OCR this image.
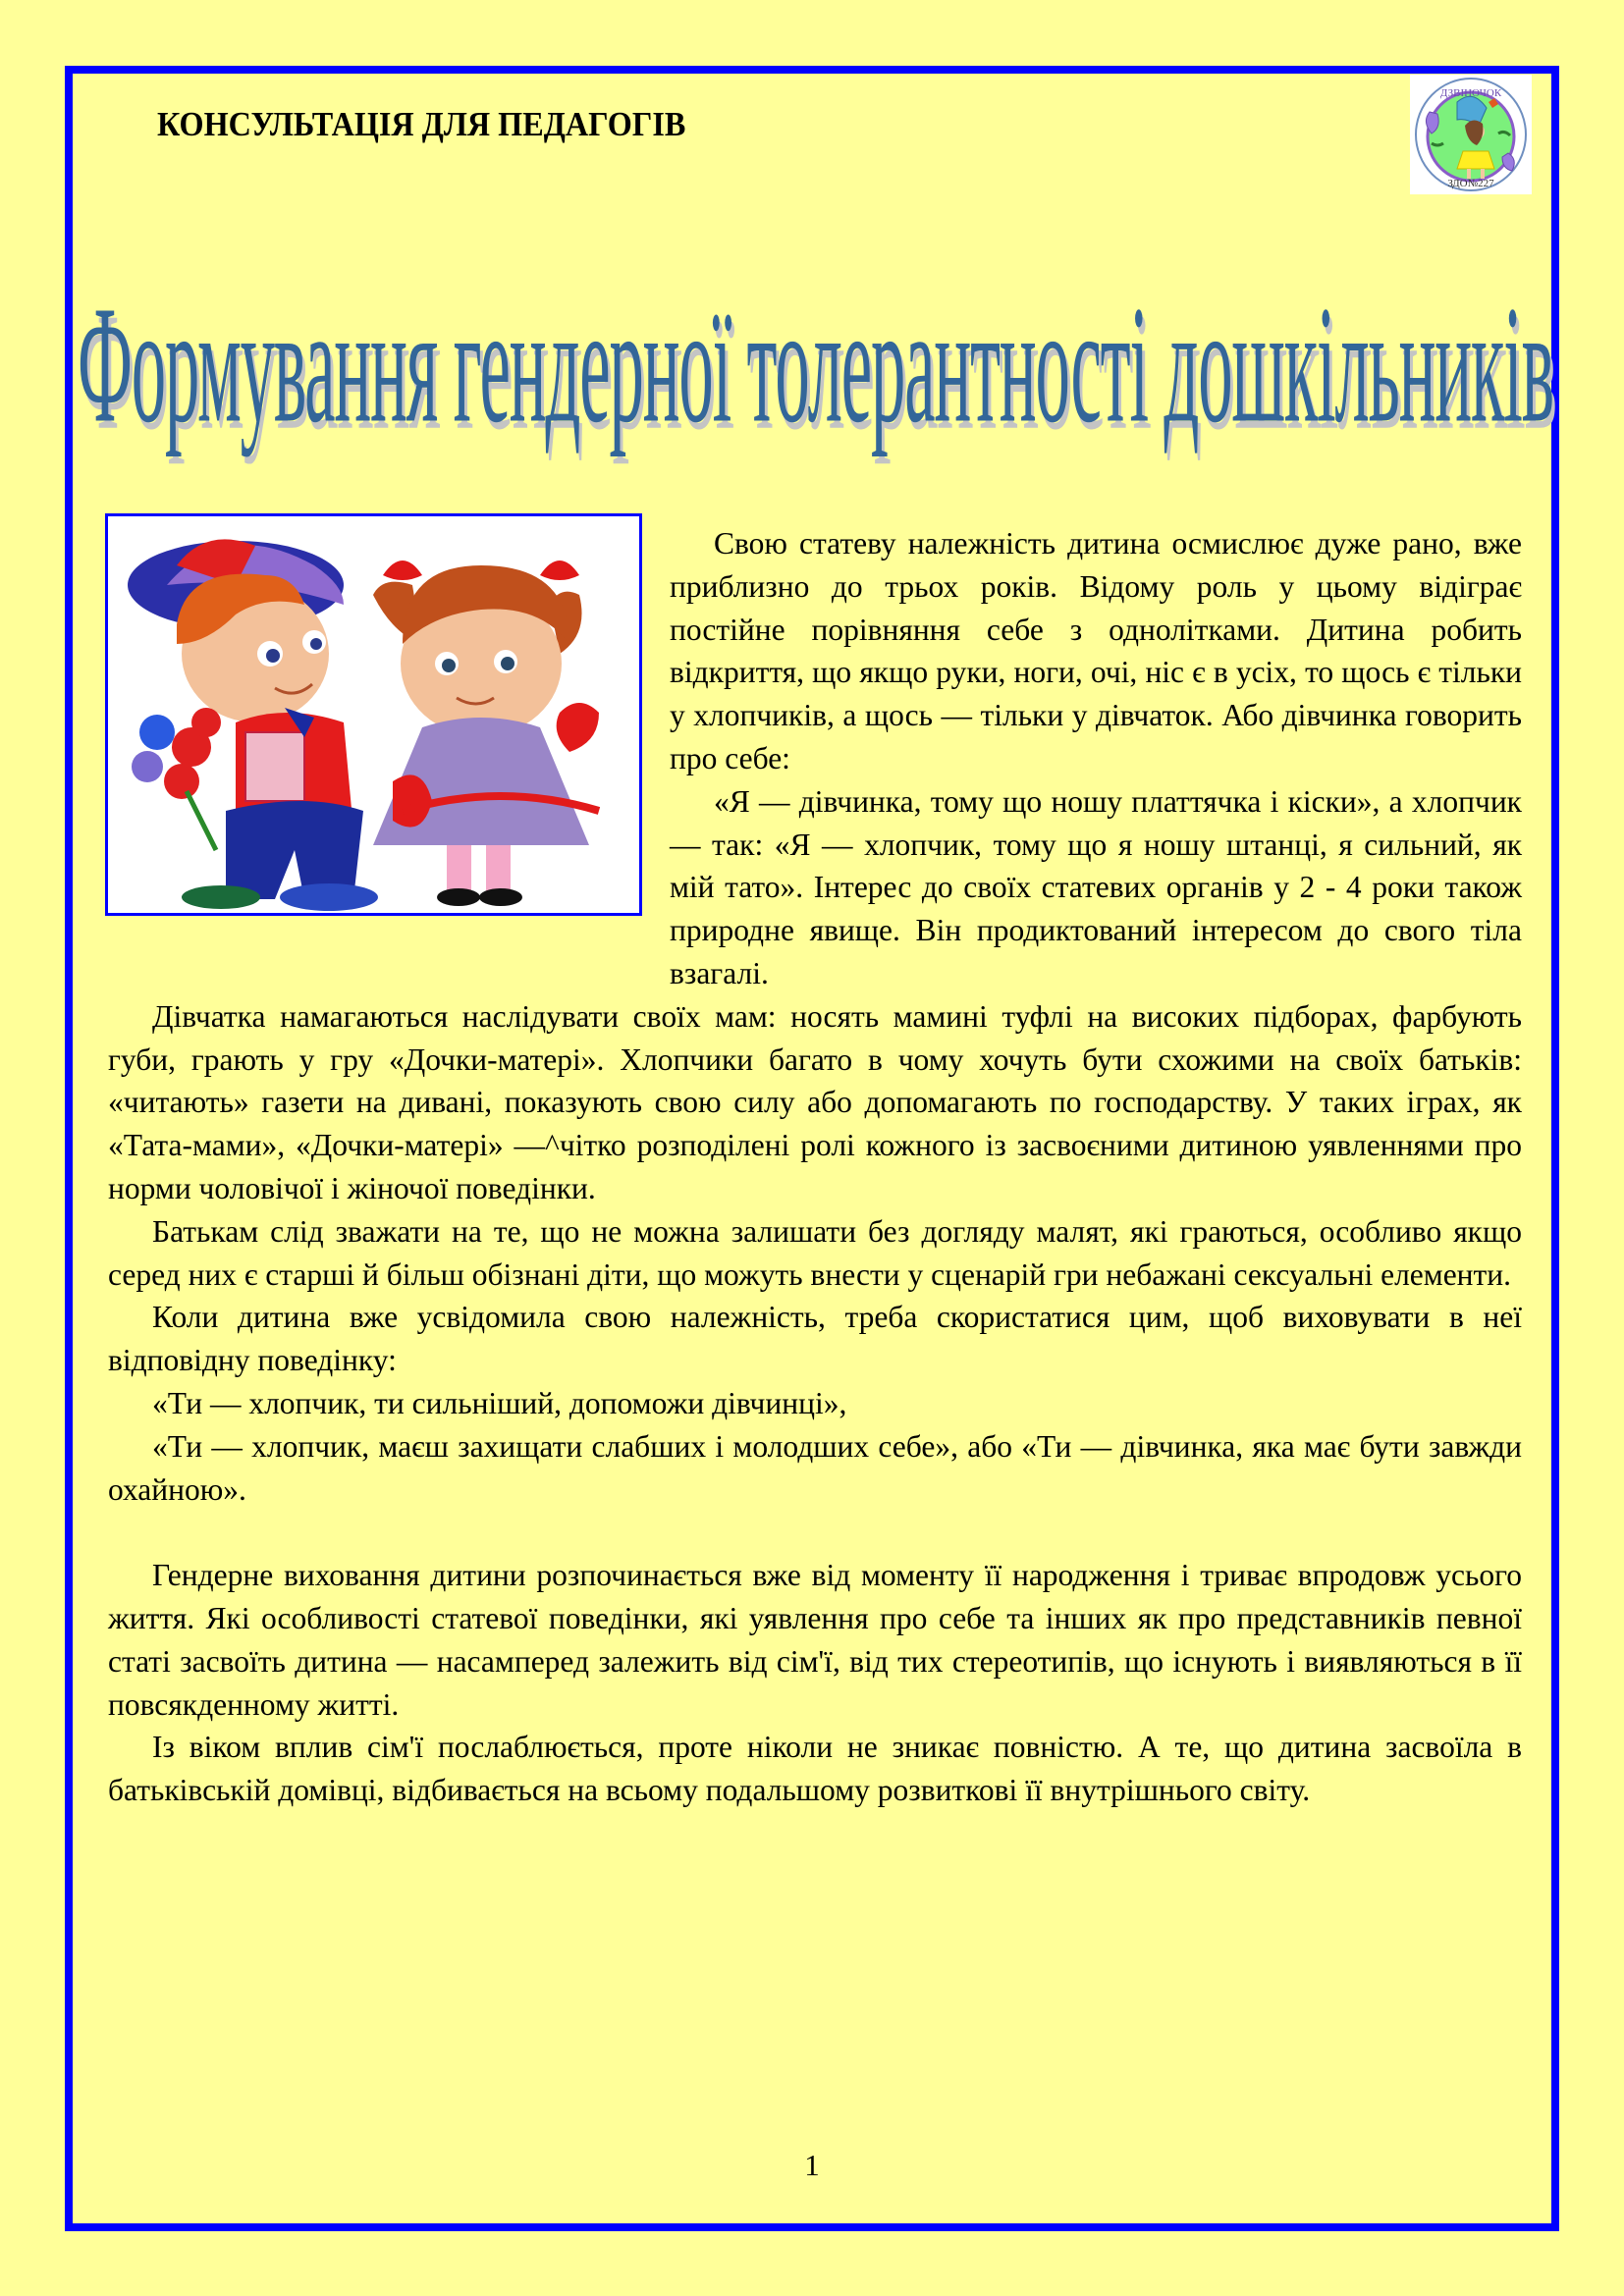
КОНСУЛЬТАЦІЯ ДЛЯ ПЕДАГОГІВ
ДЗВІНОЧОК
ЗДО№227
Формування гендерної толерантності дошкільників

Свою статеву належність дитина осмислює дуже рано, вже приблизно до трьох років. Відому роль у цьому відіграє постійне порівняння себе з однолітками. Дитина робить відкриття, що якщо руки, ноги, очі, ніс є в усіх, то щось є тільки у хлопчиків, а щось — тільки у дівчаток. Або дівчинка говорить про себе:

«Я — дівчинка, тому що ношу платтячка і кіски», а хлопчик — так: «Я — хлопчик, тому що я ношу штанці, я сильний, як мій тато». Інтерес до своїх статевих органів у 2 - 4 роки також природне явище. Він продиктований інтересом до свого тіла взагалі.

Дівчатка намагаються наслідувати своїх мам: носять мамині туфлі на високих підборах, фарбують губи, грають у гру «Дочки-матері». Хлопчики багато в чому хочуть бути схожими на своїх батьків: «читають» газети на дивані, показують свою силу або допомагають по господарству. У таких іграх, як «Тата-мами», «Дочки-матері» —^чітко розподілені ролі кожного із засвоєними дитиною уявленнями про норми чоловічої і жіночої поведінки.

Батькам слід зважати на те, що не можна залишати без догляду малят, які граються, особливо якщо серед них є старші й більш обізнані діти, що можуть внести у сценарій гри небажані сексуальні елементи.

Коли дитина вже усвідомила свою належність, треба скористатися цим, щоб виховувати в неї відповідну поведінку:

«Ти — хлопчик, ти сильніший, допоможи дівчинці»,

«Ти — хлопчик, маєш захищати слабших і молодших себе», або «Ти — дівчинка, яка має бути завжди охайною».

Гендерне виховання дитини розпочинається вже від моменту її народження і триває впродовж усього життя. Які особливості статевої поведінки, які уявлення про себе та інших як про представників певної статі засвоїть дитина — насамперед залежить від сім'ї, від тих стереотипів, що існують і виявляються в її повсякденному житті.

Із віком вплив сім'ї послаблюється, проте ніколи не зникає повністю. А те, що дитина засвоїла в батьківській домівці, відбивається на всьому подальшому розвиткові її внутрішнього світу.

1
